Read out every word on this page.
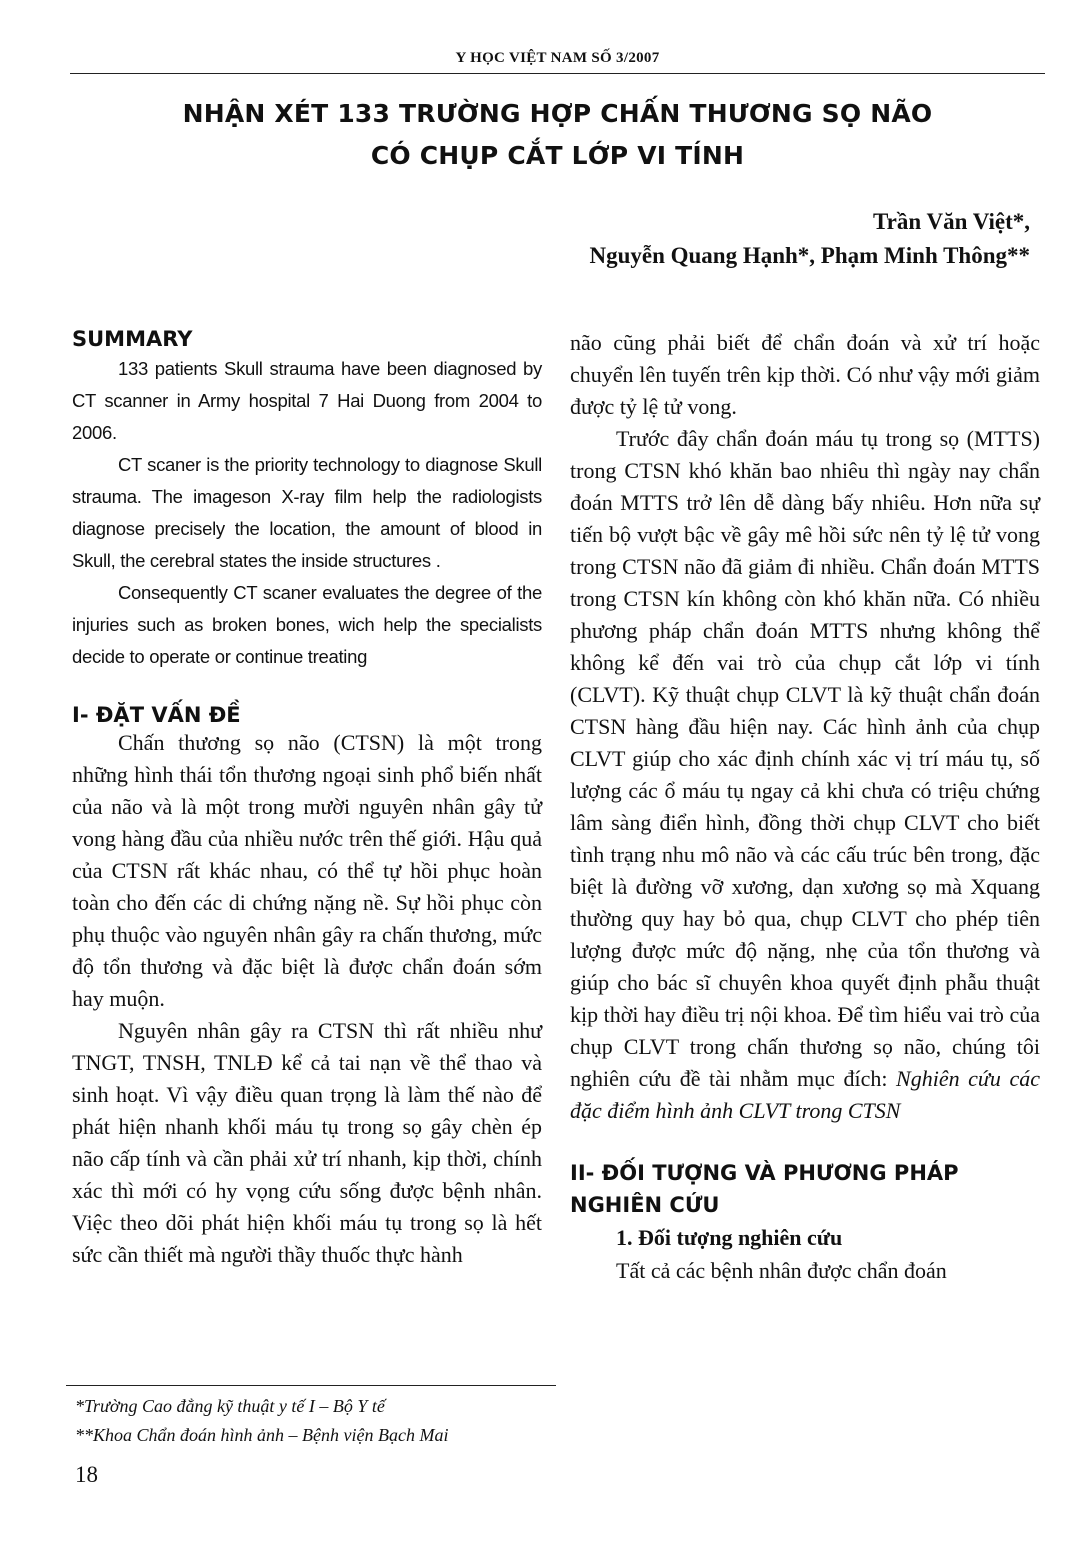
Y HỌC VIỆT NAM SỐ 3/2007
NHẬN XÉT 133 TRƯỜNG HỢP CHẤN THƯƠNG SỌ NÃO
CÓ CHỤP CẮT LỚP VI TÍNH
Trần Văn Việt*,
Nguyễn Quang Hạnh*, Phạm Minh Thông**
SUMMARY

133 patients Skull strauma have been diagnosed by CT scanner in Army hospital 7 Hai Duong from 2004 to 2006.

CT scaner is the priority technology to diagnose Skull strauma. The imageson X-ray film help the radiologists diagnose precisely the location, the amount of blood in Skull, the cerebral states the inside structures .

Consequently CT scaner evaluates the degree of the injuries such as broken bones, wich help the specialists decide to operate or continue treating

I- ĐẶT VẤN ĐỀ

Chấn thương sọ não (CTSN) là một trong những hình thái tổn thương ngoại sinh phổ biến nhất của não và là một trong mười nguyên nhân gây tử vong hàng đầu của nhiều nước trên thế giới. Hậu quả của CTSN rất khác nhau, có thể tự hồi phục hoàn toàn cho đến các di chứng nặng nề. Sự hồi phục còn phụ thuộc vào nguyên nhân gây ra chấn thương, mức độ tổn thương và đặc biệt là được chẩn đoán sớm hay muộn.

Nguyên nhân gây ra CTSN thì rất nhiều như TNGT, TNSH, TNLĐ kể cả tai nạn về thể thao và sinh hoạt. Vì vậy điều quan trọng là làm thế nào để phát hiện nhanh khối máu tụ trong sọ gây chèn ép não cấp tính và cần phải xử trí nhanh, kịp thời, chính xác thì mới có hy vọng cứu sống được bệnh nhân. Việc theo dõi phát hiện khối máu tụ trong sọ là hết sức cần thiết mà người thầy thuốc thực hành

não cũng phải biết để chẩn đoán và xử trí hoặc chuyển lên tuyến trên kịp thời. Có như vậy mới giảm được tỷ lệ tử vong.

Trước đây chẩn đoán máu tụ trong sọ (MTTS) trong CTSN khó khăn bao nhiêu thì ngày nay chẩn đoán MTTS trở lên dễ dàng bấy nhiêu. Hơn nữa sự tiến bộ vượt bậc về gây mê hồi sức nên tỷ lệ tử vong trong CTSN não đã giảm đi nhiều. Chẩn đoán MTTS trong CTSN kín không còn khó khăn nữa. Có nhiều phương pháp chẩn đoán MTTS nhưng không thể không kể đến vai trò của chụp cắt lớp vi tính (CLVT). Kỹ thuật chụp CLVT là kỹ thuật chẩn đoán CTSN hàng đầu hiện nay. Các hình ảnh của chụp CLVT giúp cho xác định chính xác vị trí máu tụ, số lượng các ổ máu tụ ngay cả khi chưa có triệu chứng lâm sàng điển hình, đồng thời chụp CLVT cho biết tình trạng nhu mô não và các cấu trúc bên trong, đặc biệt là đường vỡ xương, dạn xương sọ mà Xquang thường quy hay bỏ qua, chụp CLVT cho phép tiên lượng được mức độ nặng, nhẹ của tổn thương và giúp cho bác sĩ chuyên khoa quyết định phẫu thuật kịp thời hay điều trị nội khoa. Để tìm hiểu vai trò của chụp CLVT trong chấn thương sọ não, chúng tôi nghiên cứu đề tài nhằm mục đích: Nghiên cứu các đặc điểm hình ảnh CLVT trong CTSN

II- ĐỐI TƯỢNG VÀ PHƯƠNG PHÁP NGHIÊN CỨU

1. Đối tượng nghiên cứu

Tất cả các bệnh nhân được chẩn đoán

*Trường Cao đẳng kỹ thuật y tế I – Bộ Y tế
**Khoa Chẩn đoán hình ảnh – Bệnh viện Bạch Mai
18
